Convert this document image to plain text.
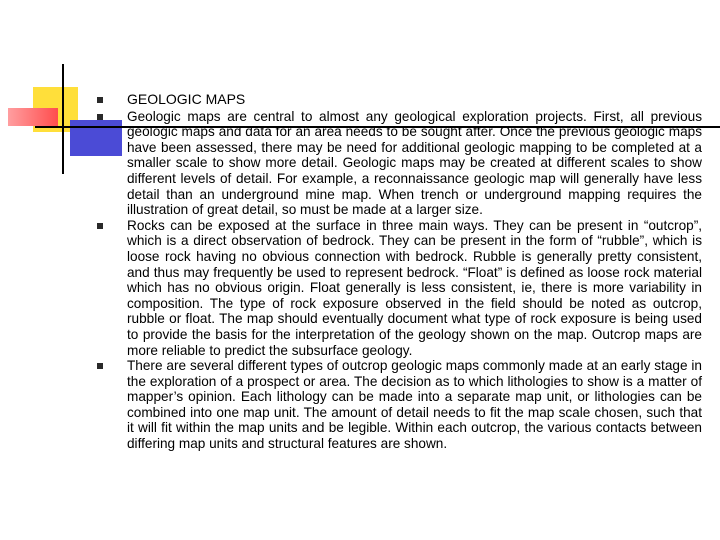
GEOLOGIC MAPS
Geologic maps are central to almost any geological exploration projects. First, all previous geologic maps and data for an area needs to be sought after. Once the previous geologic maps have been assessed, there may be need for additional geologic mapping to be completed at a smaller scale to show more detail. Geologic maps may be created at different scales to show different levels of detail. For example, a reconnaissance geologic map will generally have less detail than an underground mine map. When trench or underground mapping requires the illustration of great detail, so must be made at a larger size.
Rocks can be exposed at the surface in three main ways. They can be present in “outcrop”, which is a direct observation of bedrock. They can be present in the form of “rubble”, which is loose rock having no obvious connection with bedrock. Rubble is generally pretty consistent, and thus may frequently be used to represent bedrock. “Float” is defined as loose rock material which has no obvious origin. Float generally is less consistent, ie, there is more variability in composition. The type of rock exposure observed in the field should be noted as outcrop, rubble or float. The map should eventually document what type of rock exposure is being used to provide the basis for the interpretation of the geology shown on the map. Outcrop maps are more reliable to predict the subsurface geology.
There are several different types of outcrop geologic maps commonly made at an early stage in the exploration of a prospect or area. The decision as to which lithologies to show is a matter of mapper’s opinion. Each lithology can be made into a separate map unit, or lithologies can be combined into one map unit. The amount of detail needs to fit the map scale chosen, such that it will fit within the map units and be legible. Within each outcrop, the various contacts between differing map units and structural features are shown.
